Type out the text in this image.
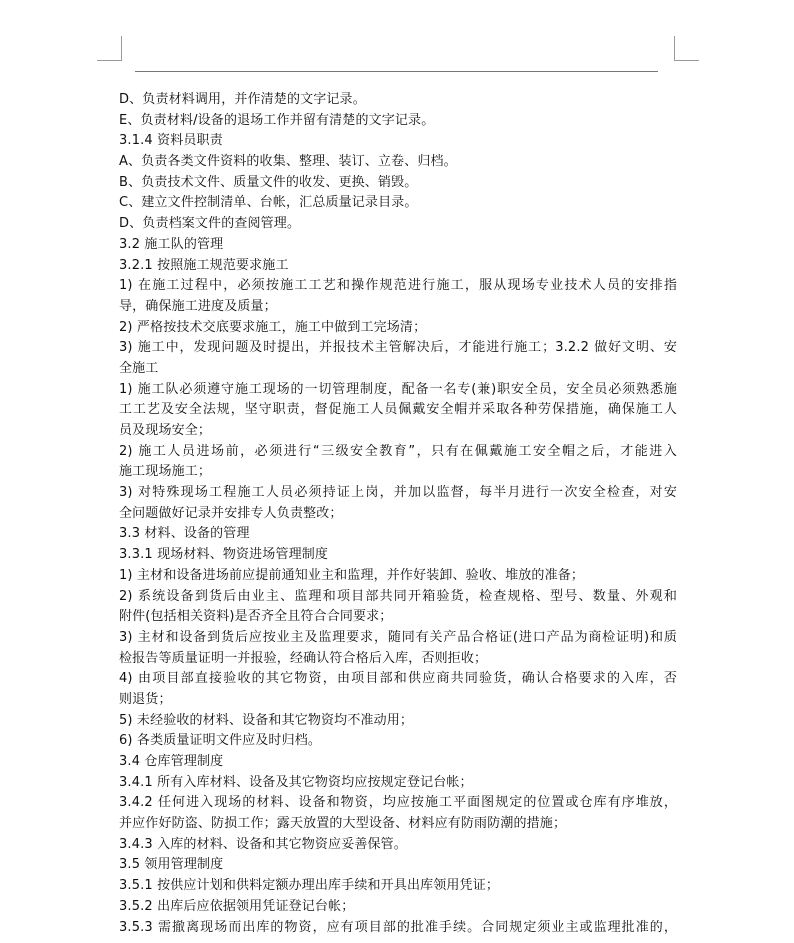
D、负责材料调用，并作清楚的文字记录。
E、负责材料/设备的退场工作并留有清楚的文字记录。
3.1.4 资料员职责
A、负责各类文件资料的收集、整理、装订、立卷、归档。
B、负责技术文件、质量文件的收发、更换、销毁。
C、建立文件控制清单、台帐，汇总质量记录目录。
D、负责档案文件的查阅管理。
3.2 施工队的管理
3.2.1 按照施工规范要求施工
1) 在施工过程中，必须按施工工艺和操作规范进行施工，服从现场专业技术人员的安排指
导，确保施工进度及质量；
2) 严格按技术交底要求施工，施工中做到工完场清；
3) 施工中，发现问题及时提出，并报技术主管解决后，才能进行施工；3.2.2 做好文明、安
全施工
1) 施工队必须遵守施工现场的一切管理制度，配备一名专(兼)职安全员，安全员必须熟悉施
工工艺及安全法规，坚守职责，督促施工人员佩戴安全帽并采取各种劳保措施，确保施工人
员及现场安全；
2) 施工人员进场前，必须进行“三级安全教育”，只有在佩戴施工安全帽之后，才能进入
施工现场施工；
3) 对特殊现场工程施工人员必须持证上岗，并加以监督，每半月进行一次安全检查，对安
全问题做好记录并安排专人负责整改；
3.3 材料、设备的管理
3.3.1 现场材料、物资进场管理制度
1) 主材和设备进场前应提前通知业主和监理，并作好装卸、验收、堆放的准备；
2) 系统设备到货后由业主、监理和项目部共同开箱验货，检查规格、型号、数量、外观和
附件(包括相关资料)是否齐全且符合合同要求；
3) 主材和设备到货后应按业主及监理要求，随同有关产品合格证(进口产品为商检证明)和质
检报告等质量证明一并报验，经确认符合格后入库，否则拒收；
4) 由项目部直接验收的其它物资，由项目部和供应商共同验货，确认合格要求的入库，否
则退货；
5) 未经验收的材料、设备和其它物资均不准动用；
6) 各类质量证明文件应及时归档。
3.4 仓库管理制度
3.4.1 所有入库材料、设备及其它物资均应按规定登记台帐；
3.4.2 任何进入现场的材料、设备和物资，均应按施工平面图规定的位置或仓库有序堆放，
并应作好防盗、防损工作；露天放置的大型设备、材料应有防雨防潮的措施；
3.4.3 入库的材料、设备和其它物资应妥善保管。
3.5 领用管理制度
3.5.1 按供应计划和供料定额办理出库手续和开具出库领用凭证；
3.5.2 出库后应依据领用凭证登记台帐；
3.5.3 需撤离现场而出库的物资，应有项目部的批准手续。合同规定须业主或监理批准的，
